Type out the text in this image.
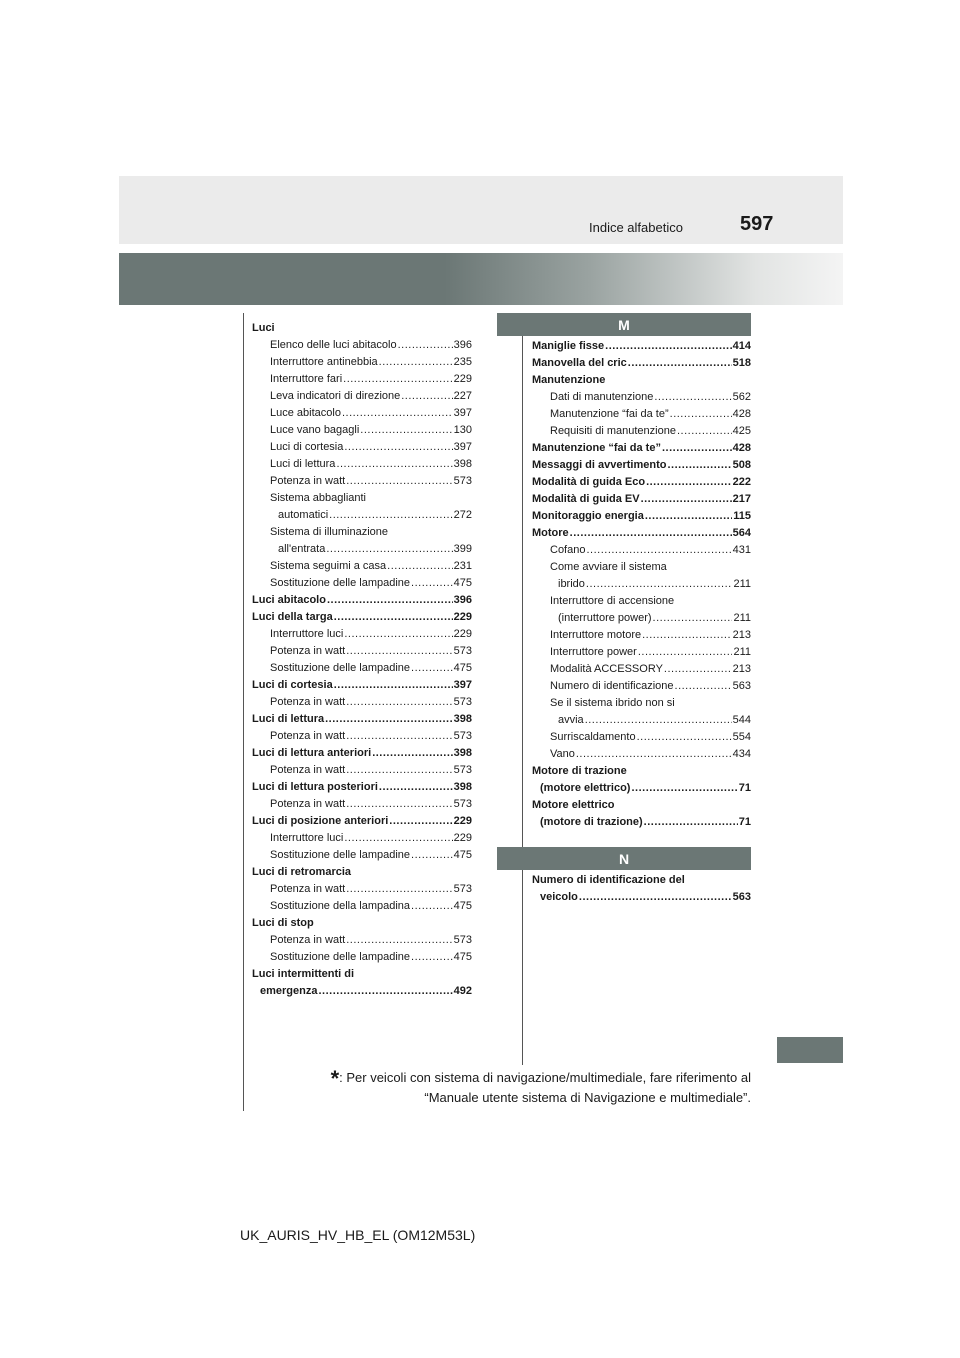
Indice alfabetico	597
Luci
Elenco delle luci abitacolo .....	396
Interruttore antinebbia .....	235
Interruttore fari .....	229
Leva indicatori di direzione .....	227
Luce abitacolo .....	397
Luce vano bagagli .....	130
Luci di cortesia .....	397
Luci di lettura .....	398
Potenza in watt .....	573
Sistema abbaglianti
automatici .....	272
Sistema di illuminazione
all'entrata .....	399
Sistema seguimi a casa .....	231
Sostituzione delle lampadine .....	475
Luci abitacolo .....	396
Luci della targa .....	229
Interruttore luci .....	229
Potenza in watt .....	573
Sostituzione delle lampadine .....	475
Luci di cortesia .....	397
Potenza in watt .....	573
Luci di lettura .....	398
Potenza in watt .....	573
Luci di lettura anteriori .....	398
Potenza in watt .....	573
Luci di lettura posteriori .....	398
Potenza in watt .....	573
Luci di posizione anteriori .....	229
Interruttore luci .....	229
Sostituzione delle lampadine .....	475
Luci di retromarcia
Potenza in watt .....	573
Sostituzione della lampadina .....	475
Luci di stop
Potenza in watt .....	573
Sostituzione delle lampadine .....	475
Luci intermittenti di
emergenza .....	492
M
Maniglie fisse .....	414
Manovella del cric .....	518
Manutenzione
Dati di manutenzione .....	562
Manutenzione “fai da te” .....	428
Requisiti di manutenzione .....	425
Manutenzione “fai da te” .....	428
Messaggi di avvertimento .....	508
Modalità di guida Eco .....	222
Modalità di guida EV .....	217
Monitoraggio energia .....	115
Motore .....	564
Cofano .....	431
Come avviare il sistema
ibrido .....	211
Interruttore di accensione
(interruttore power) .....	211
Interruttore motore .....	213
Interruttore power .....	211
Modalità ACCESSORY .....	213
Numero di identificazione .....	563
Se il sistema ibrido non si
avvia .....	544
Surriscaldamento .....	554
Vano .....	434
Motore di trazione
(motore elettrico) .....	71
Motore elettrico
(motore di trazione) .....	71
N
Numero di identificazione del
veicolo .....	563
*: Per veicoli con sistema di navigazione/multimediale, fare riferimento al
“Manuale utente sistema di Navigazione e multimediale”.
UK_AURIS_HV_HB_EL (OM12M53L)
